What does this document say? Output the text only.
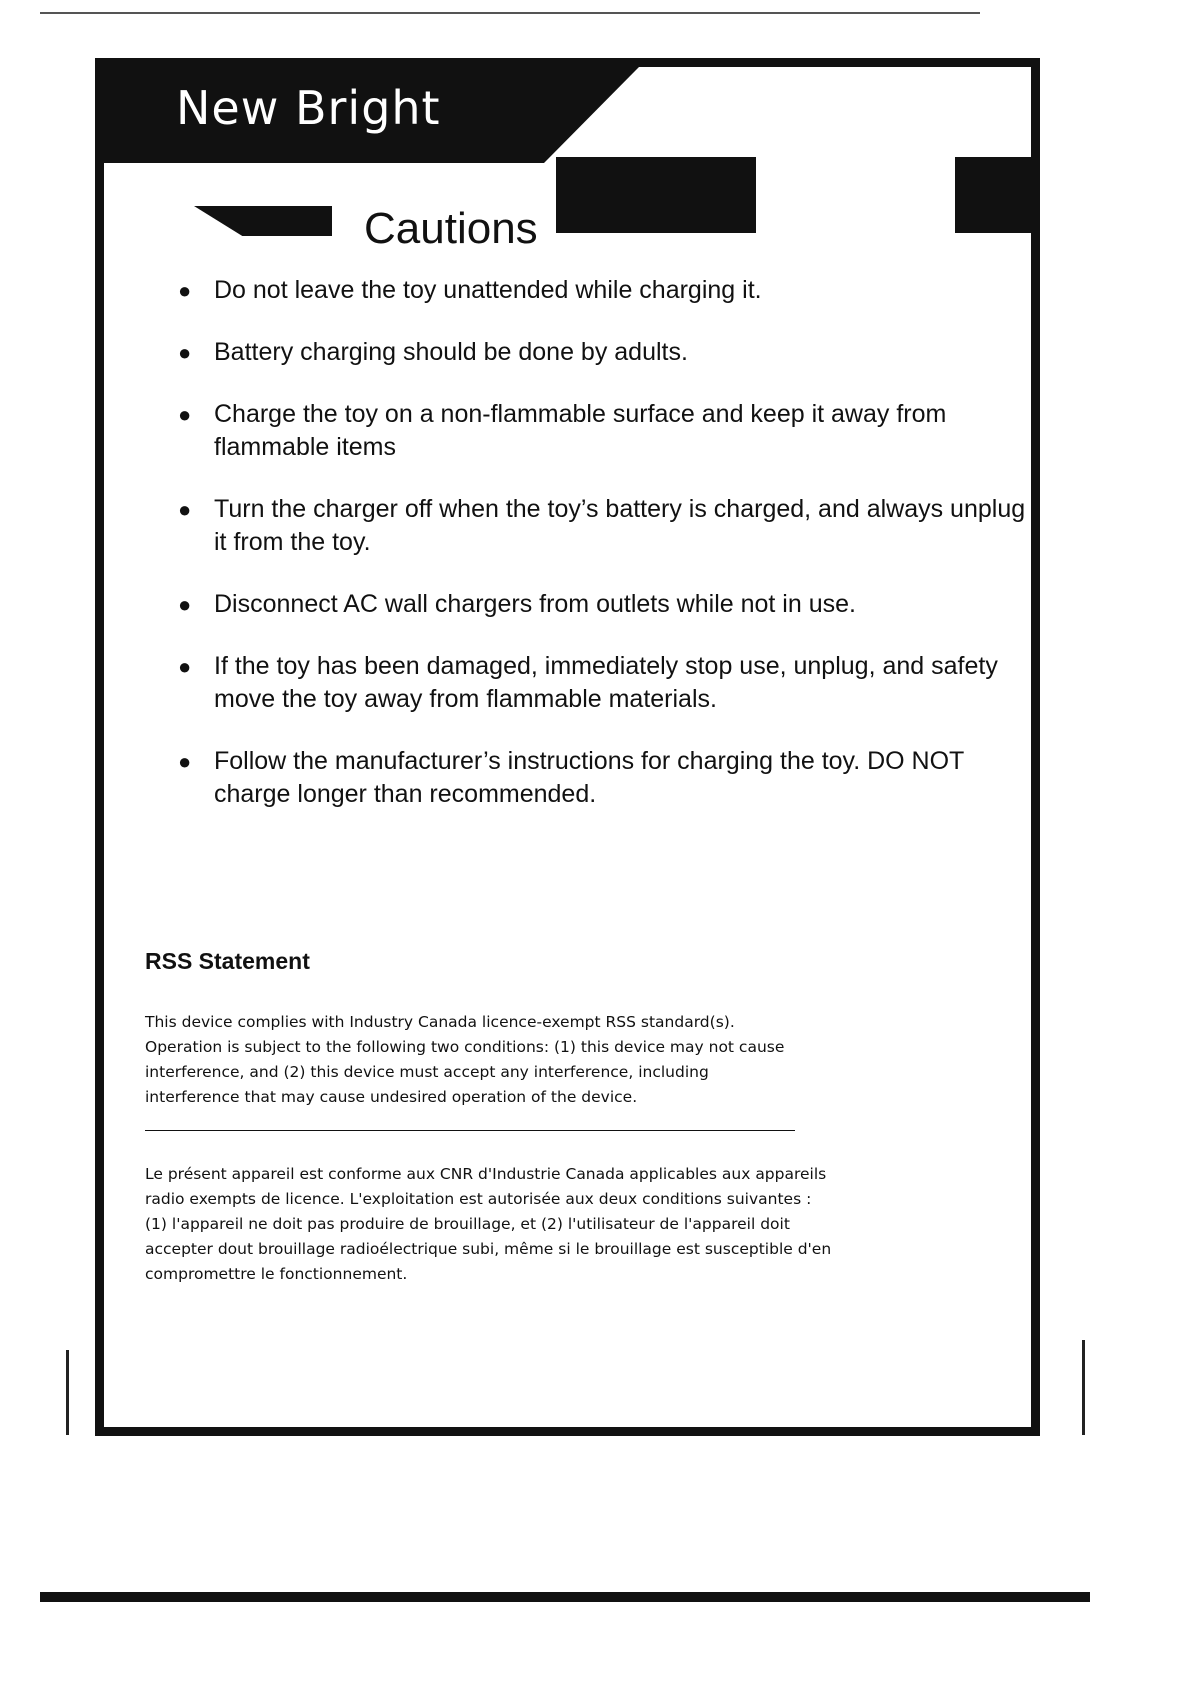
New Bright
Cautions
● Do not leave the toy unattended while charging it.
● Battery charging should be done by adults.
● Charge the toy on a non-flammable surface and keep it away from flammable items
● Turn the charger off when the toy’s battery is charged, and always unplug it from the toy.
● Disconnect AC wall chargers from outlets while not in use.
● If the toy has been damaged, immediately stop use, unplug, and safety move the toy away from flammable materials.
● Follow the manufacturer’s instructions for charging the toy. DO NOT charge longer than recommended.
RSS Statement

This device complies with Industry Canada licence-exempt RSS standard(s). Operation is subject to the following two conditions: (1) this device may not cause interference, and (2) this device must accept any interference, including interference that may cause undesired operation of the device.

Le présent appareil est conforme aux CNR d'Industrie Canada applicables aux appareils radio exempts de licence. L'exploitation est autorisée aux deux conditions suivantes : (1) l'appareil ne doit pas produire de brouillage, et (2) l'utilisateur de l'appareil doit accepter dout brouillage radioélectrique subi, même si le brouillage est susceptible d'en compromettre le fonctionnement.
